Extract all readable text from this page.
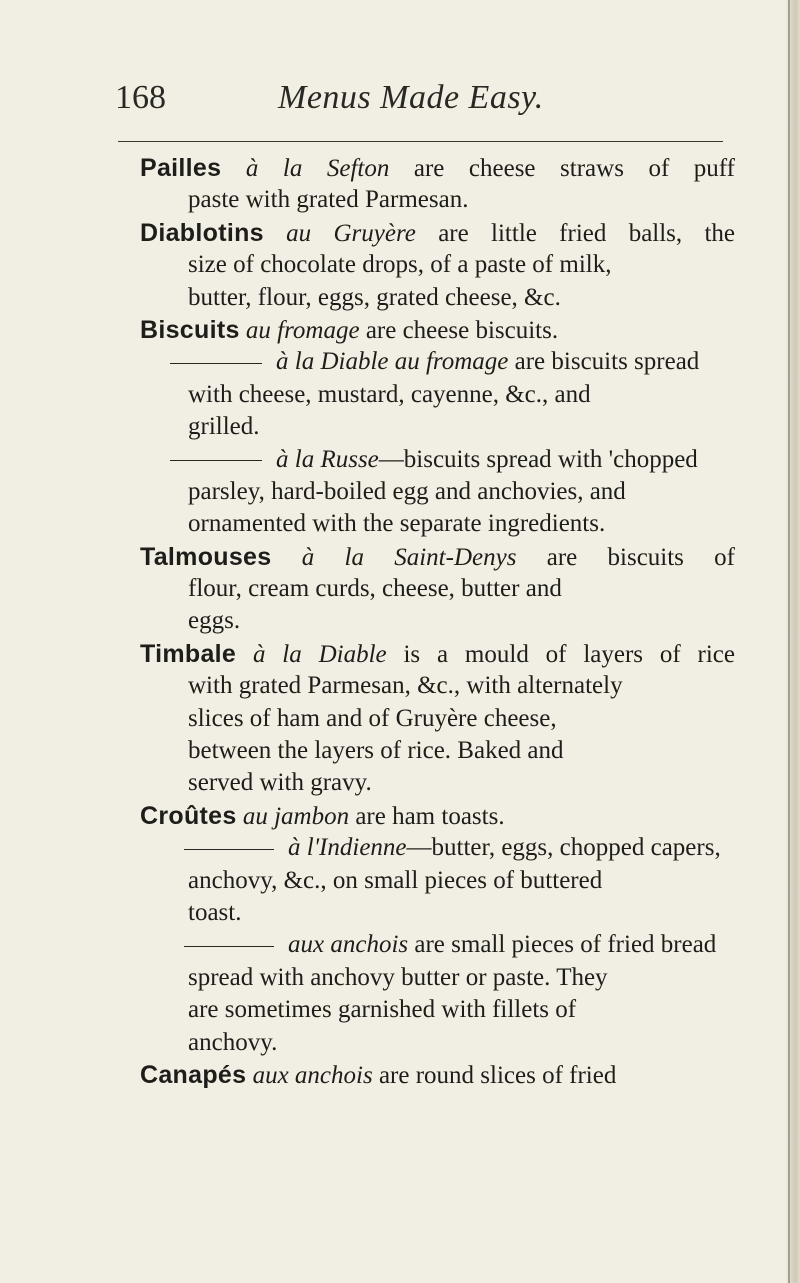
168	Menus Made Easy.
Pailles à la Sefton are cheese straws of puff
paste with grated Parmesan.
Diablotins au Gruyère are little fried balls, the
size of chocolate drops, of a paste of milk,
butter, flour, eggs, grated cheese, &c.
Biscuits au fromage are cheese biscuits.
à la Diable au fromage are biscuits spread
with cheese, mustard, cayenne, &c., and
grilled.
à la Russe—biscuits spread with 'chopped
parsley, hard-boiled egg and anchovies, and
ornamented with the separate ingredients.
Talmouses à la Saint-Denys are biscuits of
flour, cream curds, cheese, butter and
eggs.
Timbale à la Diable is a mould of layers of rice
with grated Parmesan, &c., with alternately
slices of ham and of Gruyère cheese,
between the layers of rice. Baked and
served with gravy.
Croûtes au jambon are ham toasts.
à l'Indienne—butter, eggs, chopped capers,
anchovy, &c., on small pieces of buttered
toast.
aux anchois are small pieces of fried bread
spread with anchovy butter or paste. They
are sometimes garnished with fillets of
anchovy.
Canapés aux anchois are round slices of fried
